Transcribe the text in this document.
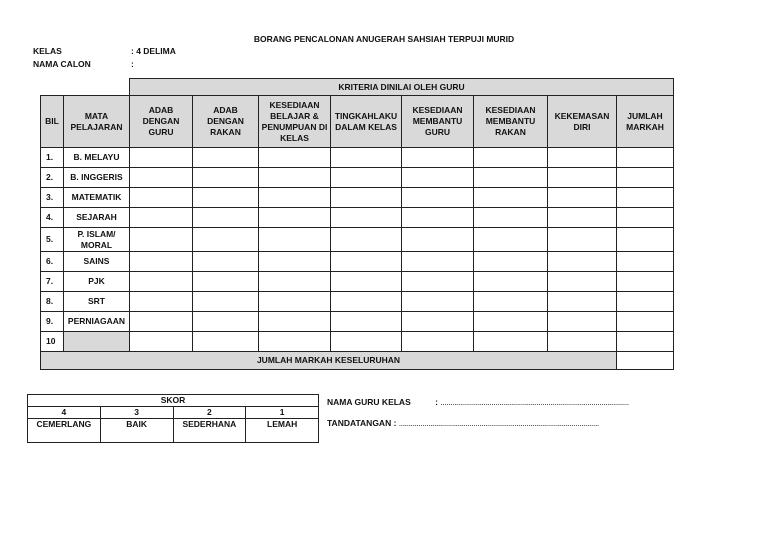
BORANG PENCALONAN ANUGERAH SAHSIAH TERPUJI MURID
KELAS	: 4 DELIMA
NAMA CALON	:
		KRITERIA DINILAI OLEH GURU							
BIL	MATA PELAJARAN	ADAB DENGAN GURU	ADAB DENGAN RAKAN	KESEDIAAN BELAJAR & PENUMPUAN DI KELAS	TINGKAHLAKU DALAM KELAS	KESEDIAAN MEMBANTU GURU	KESEDIAAN MEMBANTU RAKAN	KEKEMASAN DIRI	JUMLAH MARKAH
1.	B. MELAYU								
2.	B. INGGERIS								
3.	MATEMATIK								
4.	SEJARAH								
5.	P. ISLAM/ MORAL								
6.	SAINS								
7.	PJK								
8.	SRT								
9.	PERNIAGAAN								
10									
JUMLAH MARKAH KESELURUHAN									
SKOR			
4	3	2	1
CEMERLANG	BAIK	SEDERHANA	LEMAH
NAMA GURU KELAS	: ................................................................................................
TANDATANGAN : ......................................................................................................
